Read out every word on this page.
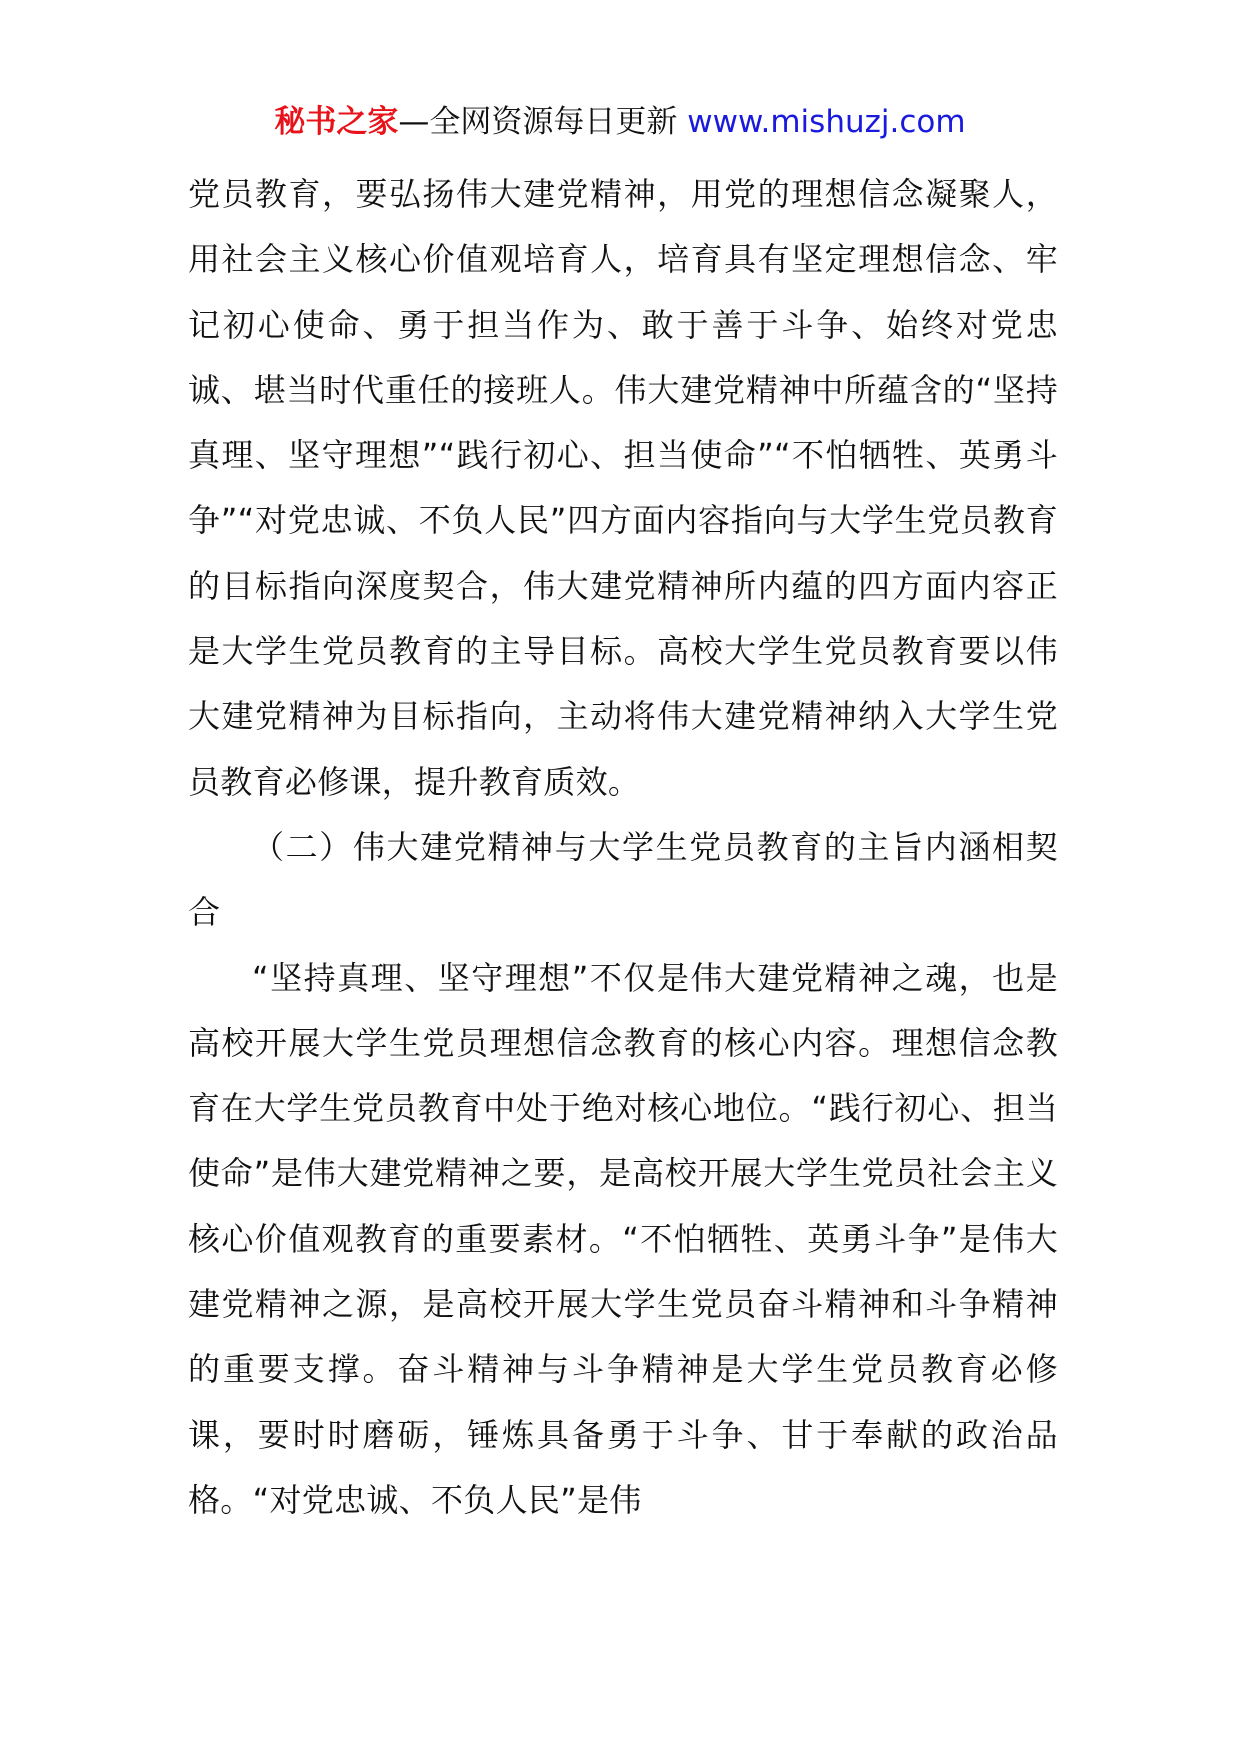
秘书之家—全网资源每日更新 www.mishuzj.com

党员教育，要弘扬伟大建党精神，用党的理想信念凝聚人，用社会主义核心价值观培育人，培育具有坚定理想信念、牢记初心使命、勇于担当作为、敢于善于斗争、始终对党忠诚、堪当时代重任的接班人。伟大建党精神中所蕴含的“坚持真理、坚守理想”“践行初心、担当使命”“不怕牺牲、英勇斗争”“对党忠诚、不负人民”四方面内容指向与大学生党员教育的目标指向深度契合，伟大建党精神所内蕴的四方面内容正是大学生党员教育的主导目标。高校大学生党员教育要以伟大建党精神为目标指向，主动将伟大建党精神纳入大学生党员教育必修课，提升教育质效。

（二）伟大建党精神与大学生党员教育的主旨内涵相契合

“坚持真理、坚守理想”不仅是伟大建党精神之魂，也是高校开展大学生党员理想信念教育的核心内容。理想信念教育在大学生党员教育中处于绝对核心地位。“践行初心、担当使命”是伟大建党精神之要，是高校开展大学生党员社会主义核心价值观教育的重要素材。“不怕牺牲、英勇斗争”是伟大建党精神之源，是高校开展大学生党员奋斗精神和斗争精神的重要支撑。奋斗精神与斗争精神是大学生党员教育必修课，要时时磨砺，锤炼具备勇于斗争、甘于奉献的政治品格。“对党忠诚、不负人民”是伟
